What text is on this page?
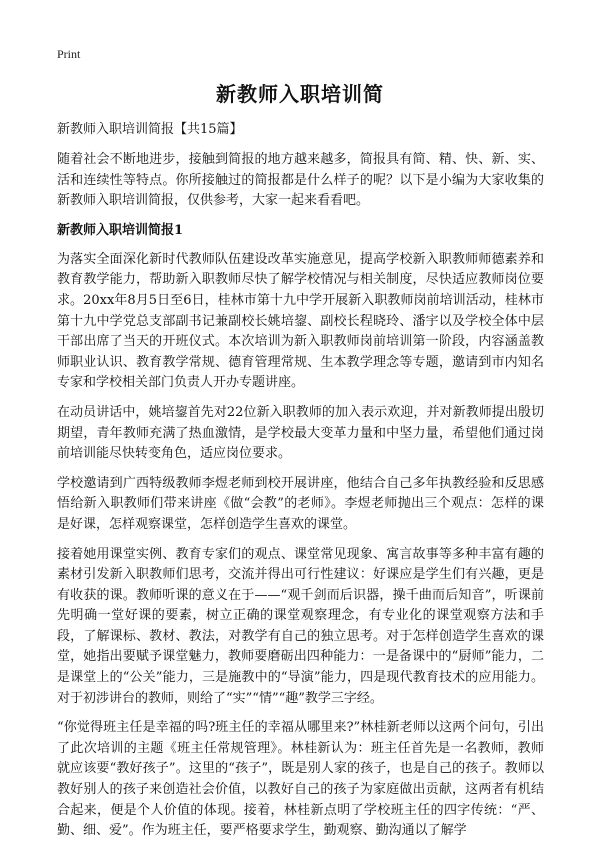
Print
新教师入职培训简
新教师入职培训简报【共15篇】

随着社会不断地进步，接触到简报的地方越来越多，简报具有简、精、快、新、实、活和连续性等特点。你所接触过的简报都是什么样子的呢？以下是小编为大家收集的新教师入职培训简报，仅供参考，大家一起来看看吧。

新教师入职培训简报1

为落实全面深化新时代教师队伍建设改革实施意见，提高学校新入职教师师德素养和教育教学能力，帮助新入职教师尽快了解学校情况与相关制度，尽快适应教师岗位要求。20xx年8月5日至6日，桂林市第十九中学开展新入职教师岗前培训活动，桂林市第十九中学党总支部副书记兼副校长姚培鋆、副校长程晓玲、潘宇以及学校全体中层干部出席了当天的开班仪式。本次培训为新入职教师岗前培训第一阶段，内容涵盖教师职业认识、教育教学常规、德育管理常规、生本教学理念等专题，邀请到市内知名专家和学校相关部门负责人开办专题讲座。

在动员讲话中，姚培鋆首先对22位新入职教师的加入表示欢迎，并对新教师提出殷切期望，青年教师充满了热血激情，是学校最大变革力量和中坚力量，希望他们通过岗前培训能尽快转变角色，适应岗位要求。

学校邀请到广西特级教师李煜老师到校开展讲座，他结合自己多年执教经验和反思感悟给新入职教师们带来讲座《做“会教”的老师》。李煜老师抛出三个观点：怎样的课是好课，怎样观察课堂，怎样创造学生喜欢的课堂。

接着她用课堂实例、教育专家们的观点、课堂常见现象、寓言故事等多种丰富有趣的素材引发新入职教师们思考，交流并得出可行性建议：好课应是学生们有兴趣，更是有收获的课。教师听课的意义在于——“观千剑而后识器，操千曲而后知音”，听课前先明确一堂好课的要素，树立正确的课堂观察理念，有专业化的课堂观察方法和手段，了解课标、教材、教法，对教学有自己的独立思考。对于怎样创造学生喜欢的课堂，她指出要赋予课堂魅力，教师要磨砺出四种能力：一是备课中的“厨师”能力，二是课堂上的“公关”能力，三是施教中的“导演”能力，四是现代教育技术的应用能力。对于初涉讲台的教师，则给了“实”“情”“趣”教学三字经。

“你觉得班主任是幸福的吗?班主任的幸福从哪里来?”林桂新老师以这两个问句，引出了此次培训的主题《班主任常规管理》。林桂新认为：班主任首先是一名教师，教师就应该要“教好孩子”。这里的“孩子”，既是别人家的孩子，也是自己的孩子。教师以教好别人的孩子来创造社会价值，以教好自己的孩子为家庭做出贡献，这两者有机结合起来，便是个人价值的体现。接着，林桂新点明了学校班主任的四字传统：“严、勤、细、爱”。作为班主任，要严格要求学生，勤观察、勤沟通以了解学
